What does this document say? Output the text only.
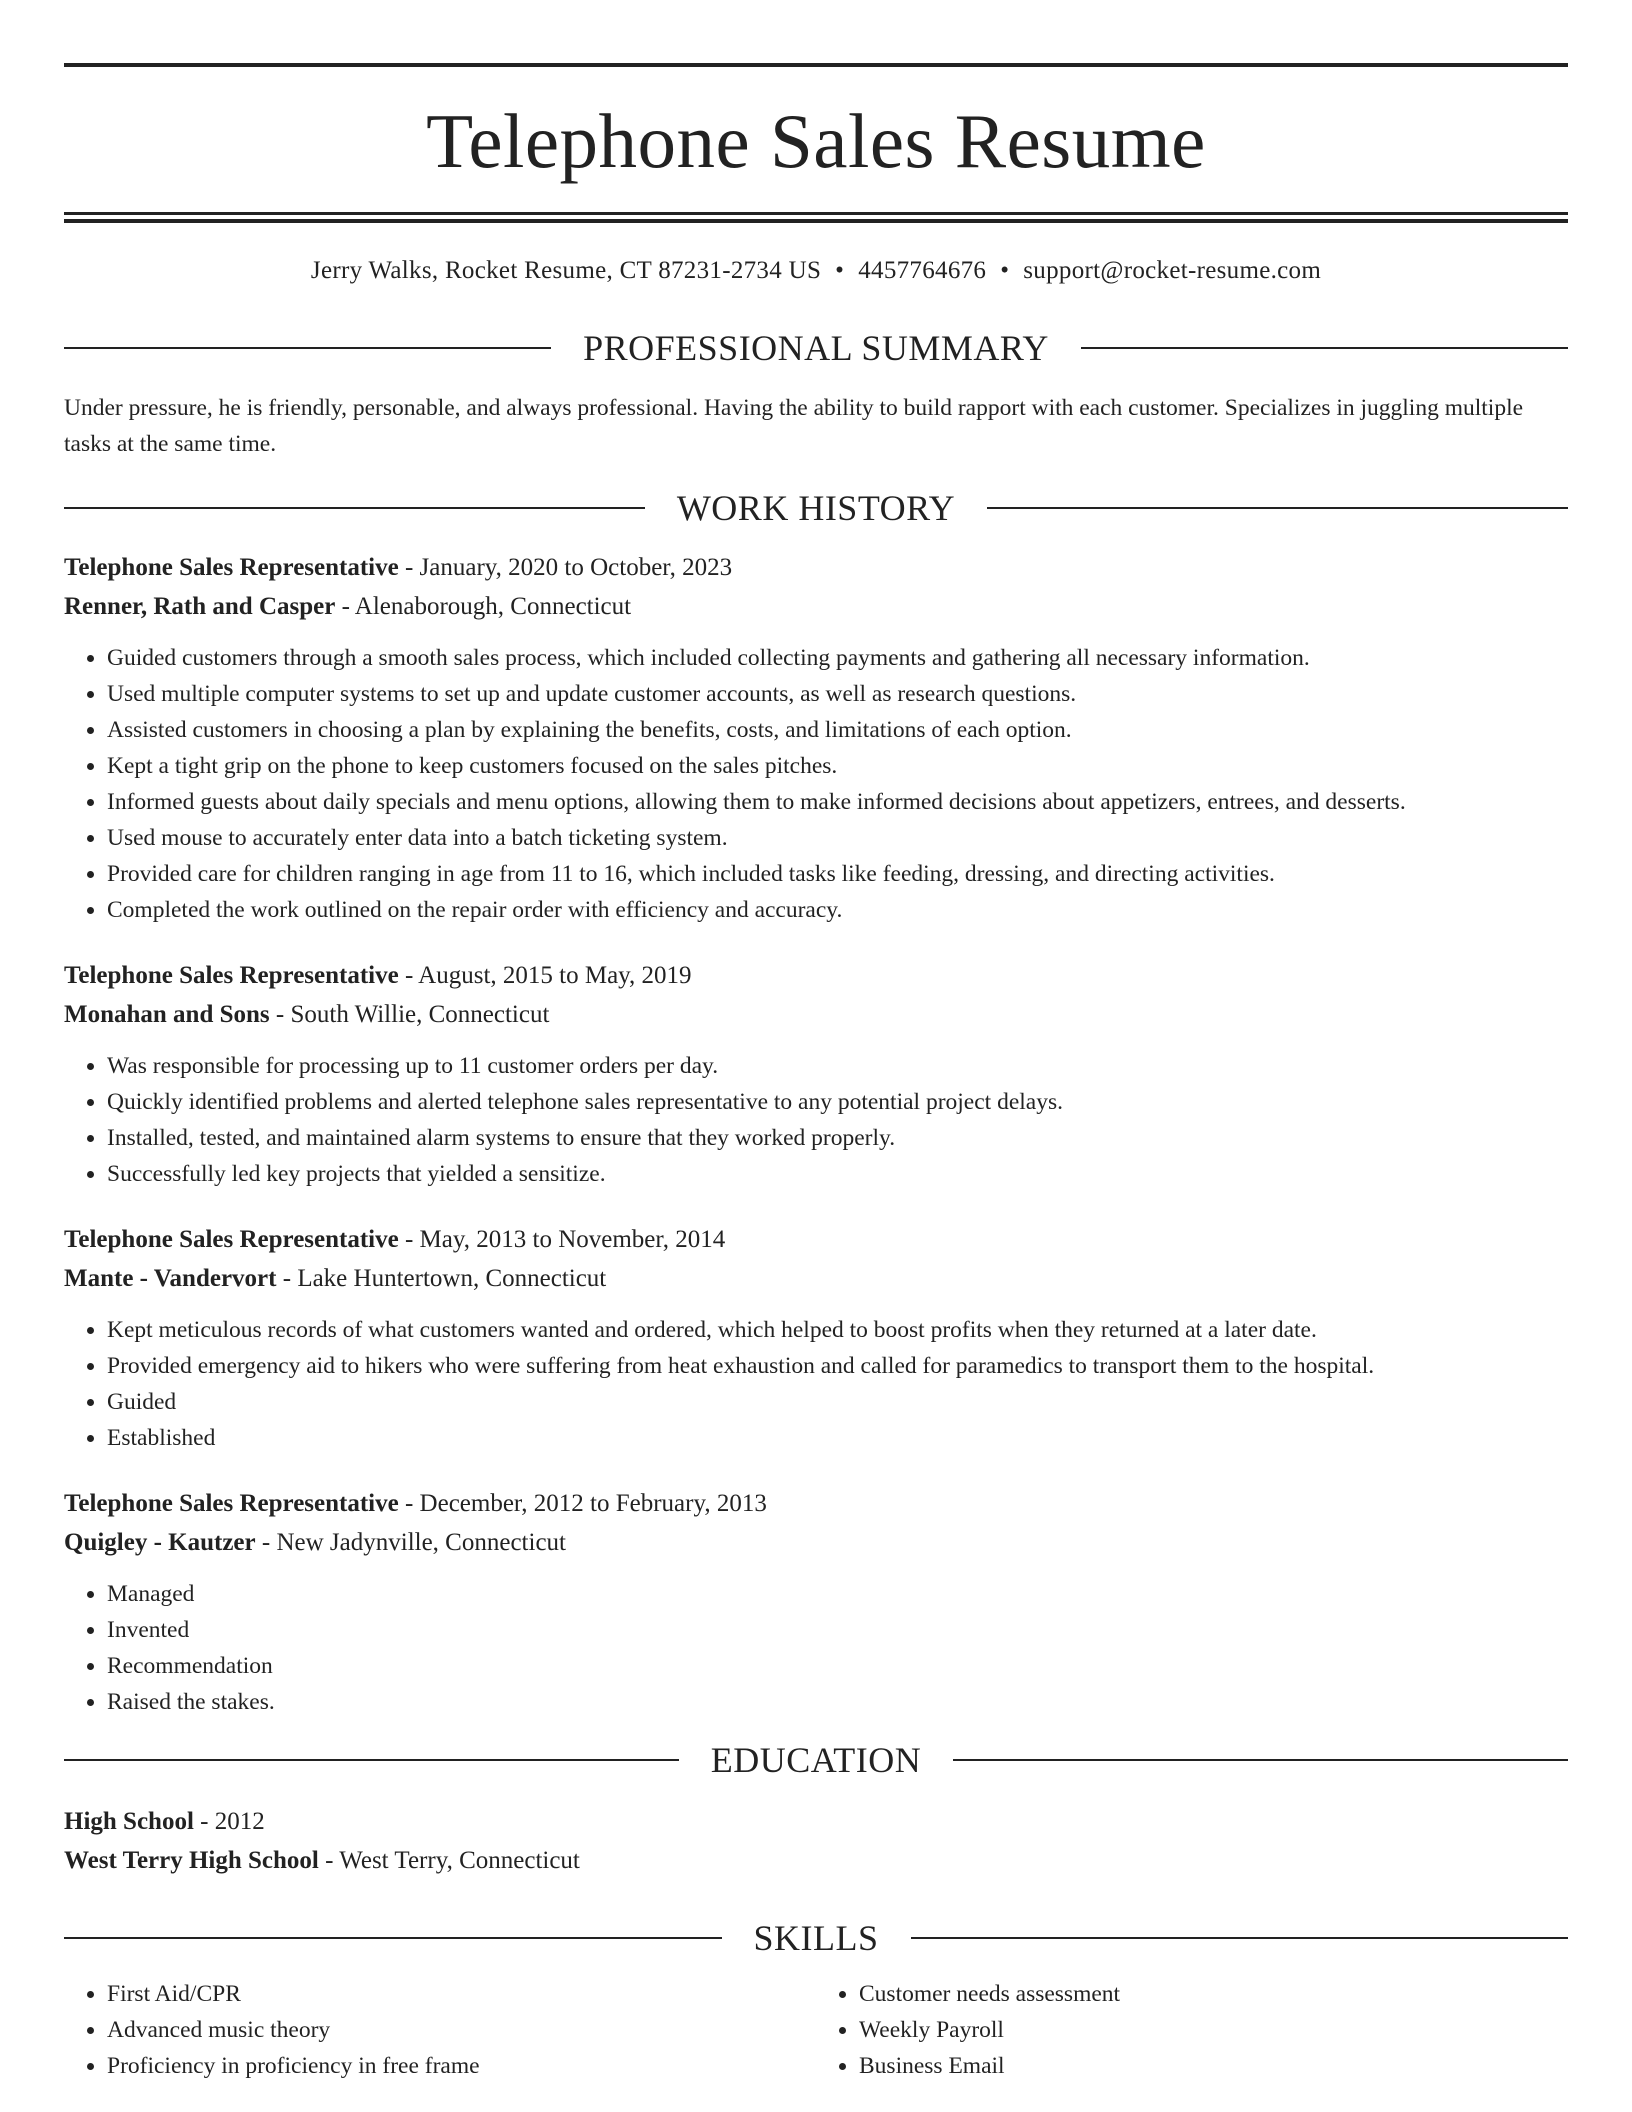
Telephone Sales Resume
Jerry Walks, Rocket Resume, CT 87231-2734 US • 4457764676 • support@rocket-resume.com
PROFESSIONAL SUMMARY
Under pressure, he is friendly, personable, and always professional. Having the ability to build rapport with each customer. Specializes in juggling multiple tasks at the same time.
WORK HISTORY
Telephone Sales Representative - January, 2020 to October, 2023
Renner, Rath and Casper - Alenaborough, Connecticut
• Guided customers through a smooth sales process, which included collecting payments and gathering all necessary information.
• Used multiple computer systems to set up and update customer accounts, as well as research questions.
• Assisted customers in choosing a plan by explaining the benefits, costs, and limitations of each option.
• Kept a tight grip on the phone to keep customers focused on the sales pitches.
• Informed guests about daily specials and menu options, allowing them to make informed decisions about appetizers, entrees, and desserts.
• Used mouse to accurately enter data into a batch ticketing system.
• Provided care for children ranging in age from 11 to 16, which included tasks like feeding, dressing, and directing activities.
• Completed the work outlined on the repair order with efficiency and accuracy.
Telephone Sales Representative - August, 2015 to May, 2019
Monahan and Sons - South Willie, Connecticut
• Was responsible for processing up to 11 customer orders per day.
• Quickly identified problems and alerted telephone sales representative to any potential project delays.
• Installed, tested, and maintained alarm systems to ensure that they worked properly.
• Successfully led key projects that yielded a sensitize.
Telephone Sales Representative - May, 2013 to November, 2014
Mante - Vandervort - Lake Huntertown, Connecticut
• Kept meticulous records of what customers wanted and ordered, which helped to boost profits when they returned at a later date.
• Provided emergency aid to hikers who were suffering from heat exhaustion and called for paramedics to transport them to the hospital.
• Guided
• Established
Telephone Sales Representative - December, 2012 to February, 2013
Quigley - Kautzer - New Jadynville, Connecticut
• Managed
• Invented
• Recommendation
• Raised the stakes.
EDUCATION
High School - 2012
West Terry High School - West Terry, Connecticut
SKILLS
• First Aid/CPR
• Advanced music theory
• Proficiency in proficiency in free frame
• Customer needs assessment
• Weekly Payroll
• Business Email
